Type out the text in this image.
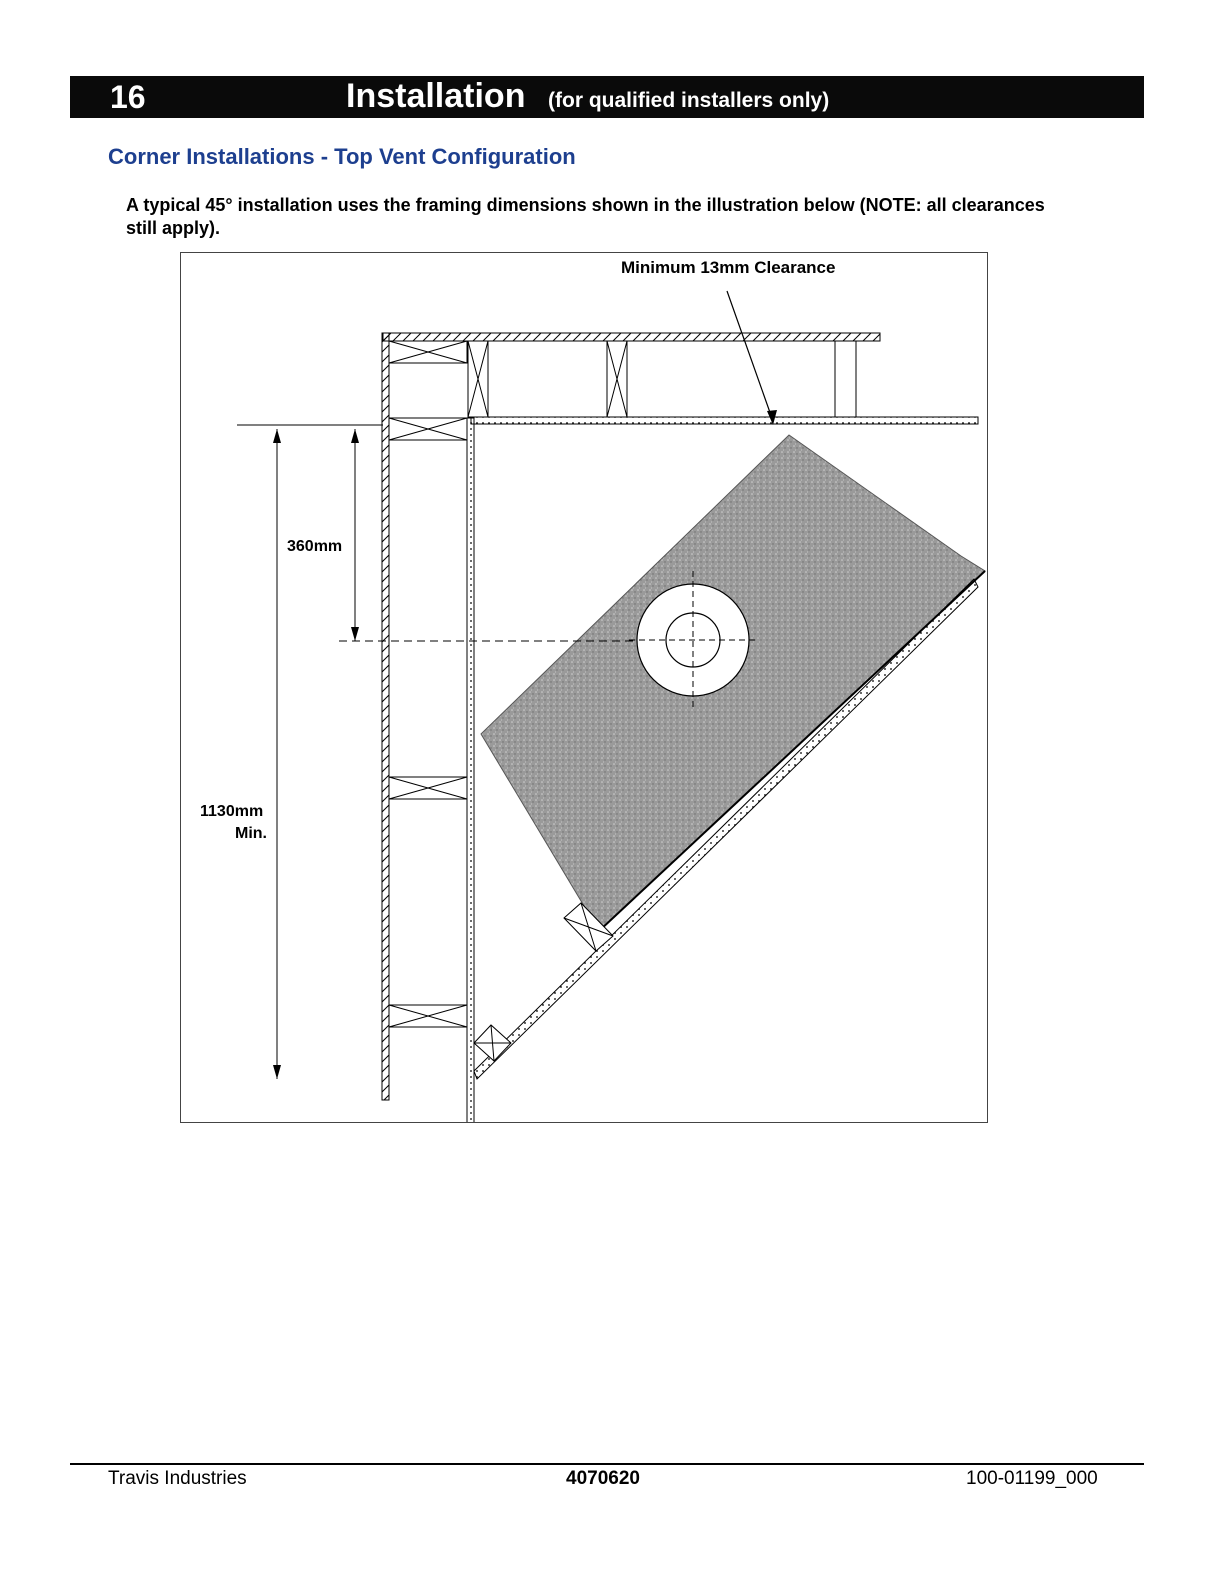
16	Installation (for qualified installers only)
Corner Installations - Top Vent Configuration
A typical 45° installation uses the framing dimensions shown in the illustration below (NOTE: all clearances still apply).
Minimum 13mm Clearance
360mm
1130mm
Min.
Travis Industries	4070620	100-01199_000
